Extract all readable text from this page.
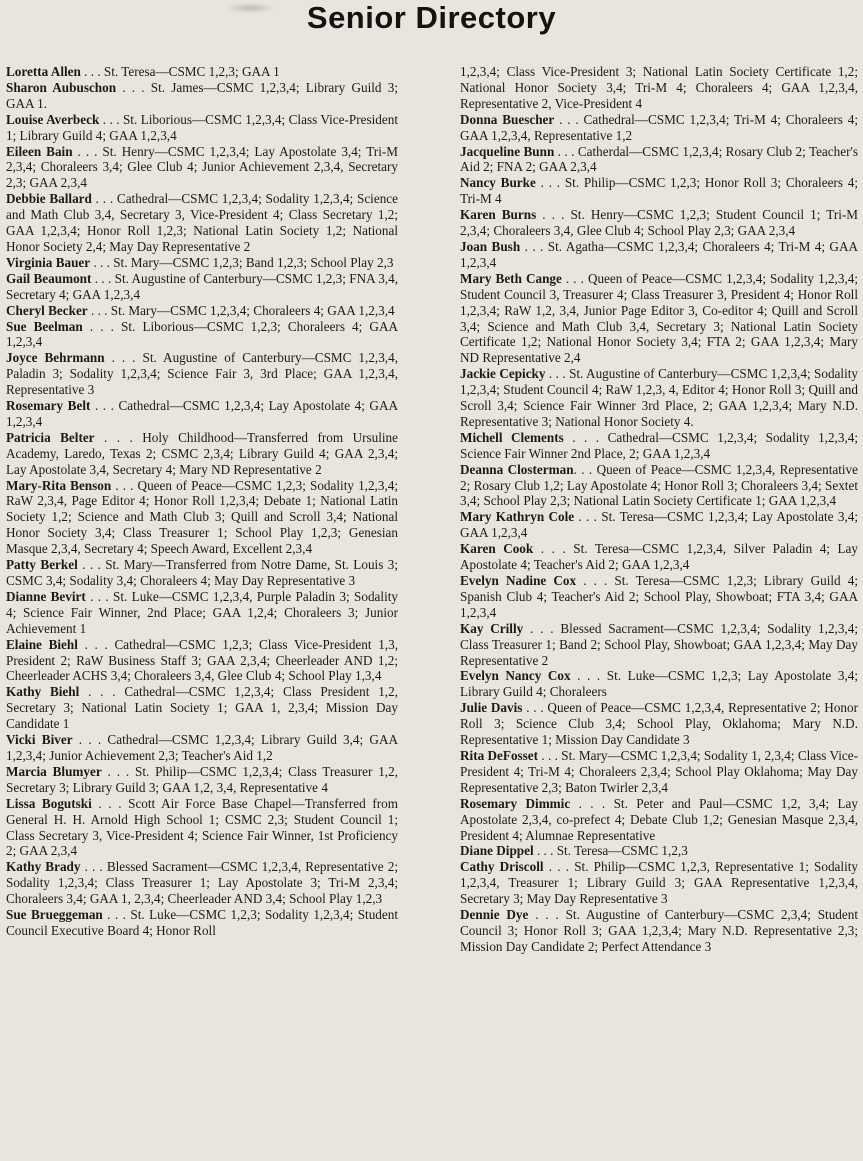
Senior Directory

Loretta Allen . . . St. Teresa—CSMC 1,2,3; GAA 1

Sharon Aubuschon . . . St. James—CSMC 1,2,3,4; Library Guild 3; GAA 1.

Louise Averbeck . . . St. Liborious—CSMC 1,2,3,4; Class Vice-President 1; Library Guild 4; GAA 1,2,3,4

Eileen Bain . . . St. Henry—CSMC 1,2,3,4; Lay Apostolate 3,4; Tri-M 2,3,4; Choraleers 3,4; Glee Club 4; Junior Achievement 2,3,4, Secretary 2,3; GAA 2,3,4

Debbie Ballard . . . Cathedral—CSMC 1,2,3,4; Sodality 1,2,3,4; Science and Math Club 3,4, Secretary 3, Vice-President 4; Class Secretary 1,2; GAA 1,2,3,4; Honor Roll 1,2,3; National Latin Society 1,2; National Honor Society 2,4; May Day Representative 2

Virginia Bauer . . . St. Mary—CSMC 1,2,3; Band 1,2,3; School Play 2,3

Gail Beaumont . . . St. Augustine of Canterbury—CSMC 1,2,3; FNA 3,4, Secretary 4; GAA 1,2,3,4

Cheryl Becker . . . St. Mary—CSMC 1,2,3,4; Choraleers 4; GAA 1,2,3,4

Sue Beelman . . . St. Liborious—CSMC 1,2,3; Choraleers 4; GAA 1,2,3,4

Joyce Behrmann . . . St. Augustine of Canterbury—CSMC 1,2,3,4, Paladin 3; Sodality 1,2,3,4; Science Fair 3, 3rd Place; GAA 1,2,3,4, Representative 3

Rosemary Belt . . . Cathedral—CSMC 1,2,3,4; Lay Apostolate 4; GAA 1,2,3,4

Patricia Belter . . . Holy Childhood—Transferred from Ursuline Academy, Laredo, Texas 2; CSMC 2,3,4; Library Guild 4; GAA 2,3,4; Lay Apostolate 3,4, Secretary 4; Mary ND Representative 2

Mary-Rita Benson . . . Queen of Peace—CSMC 1,2,3; Sodality 1,2,3,4; RaW 2,3,4, Page Editor 4; Honor Roll 1,2,3,4; Debate 1; National Latin Society 1,2; Science and Math Club 3; Quill and Scroll 3,4; National Honor Society 3,4; Class Treasurer 1; School Play 1,2,3; Genesian Masque 2,3,4, Secretary 4; Speech Award, Excellent 2,3,4

Patty Berkel . . . St. Mary—Transferred from Notre Dame, St. Louis 3; CSMC 3,4; Sodality 3,4; Choraleers 4; May Day Representative 3

Dianne Bevirt . . . St. Luke—CSMC 1,2,3,4, Purple Paladin 3; Sodality 4; Science Fair Winner, 2nd Place; GAA 1,2,4; Choraleers 3; Junior Achievement 1

Elaine Biehl . . . Cathedral—CSMC 1,2,3; Class Vice-President 1,3, President 2; RaW Business Staff 3; GAA 2,3,4; Cheerleader AND 1,2; Cheerleader ACHS 3,4; Choraleers 3,4, Glee Club 4; School Play 1,3,4

Kathy Biehl . . . Cathedral—CSMC 1,2,3,4; Class President 1,2, Secretary 3; National Latin Society 1; GAA 1, 2,3,4; Mission Day Candidate 1

Vicki Biver . . . Cathedral—CSMC 1,2,3,4; Library Guild 3,4; GAA 1,2,3,4; Junior Achievement 2,3; Teacher's Aid 1,2

Marcia Blumyer . . . St. Philip—CSMC 1,2,3,4; Class Treasurer 1,2, Secretary 3; Library Guild 3; GAA 1,2, 3,4, Representative 4

Lissa Bogutski . . . Scott Air Force Base Chapel—Transferred from General H. H. Arnold High School 1; CSMC 2,3; Student Council 1; Class Secretary 3, Vice-President 4; Science Fair Winner, 1st Proficiency 2; GAA 2,3,4

Kathy Brady . . . Blessed Sacrament—CSMC 1,2,3,4, Representative 2; Sodality 1,2,3,4; Class Treasurer 1; Lay Apostolate 3; Tri-M 2,3,4; Choraleers 3,4; GAA 1, 2,3,4; Cheerleader AND 3,4; School Play 1,2,3

Sue Brueggeman . . . St. Luke—CSMC 1,2,3; Sodality 1,2,3,4; Student Council Executive Board 4; Honor Roll

1,2,3,4; Class Vice-President 3; National Latin Society Certificate 1,2; National Honor Society 3,4; Tri-M 4; Choraleers 4; GAA 1,2,3,4, Representative 2, Vice-President 4

Donna Buescher . . . Cathedral—CSMC 1,2,3,4; Tri-M 4; Choraleers 4; GAA 1,2,3,4, Representative 1,2

Jacqueline Bunn . . . Catherdal—CSMC 1,2,3,4; Rosary Club 2; Teacher's Aid 2; FNA 2; GAA 2,3,4

Nancy Burke . . . St. Philip—CSMC 1,2,3; Honor Roll 3; Choraleers 4; Tri-M 4

Karen Burns . . . St. Henry—CSMC 1,2,3; Student Council 1; Tri-M 2,3,4; Choraleers 3,4, Glee Club 4; School Play 2,3; GAA 2,3,4

Joan Bush . . . St. Agatha—CSMC 1,2,3,4; Choraleers 4; Tri-M 4; GAA 1,2,3,4

Mary Beth Cange . . . Queen of Peace—CSMC 1,2,3,4; Sodality 1,2,3,4; Student Council 3, Treasurer 4; Class Treasurer 3, President 4; Honor Roll 1,2,3,4; RaW 1,2, 3,4, Junior Page Editor 3, Co-editor 4; Quill and Scroll 3,4; Science and Math Club 3,4, Secretary 3; National Latin Society Certificate 1,2; National Honor Society 3,4; FTA 2; GAA 1,2,3,4; Mary ND Representative 2,4

Jackie Cepicky . . . St. Augustine of Canterbury—CSMC 1,2,3,4; Sodality 1,2,3,4; Student Council 4; RaW 1,2,3, 4, Editor 4; Honor Roll 3; Quill and Scroll 3,4; Science Fair Winner 3rd Place, 2; GAA 1,2,3,4; Mary N.D. Representative 3; National Honor Society 4.

Michell Clements . . . Cathedral—CSMC 1,2,3,4; Sodality 1,2,3,4; Science Fair Winner 2nd Place, 2; GAA 1,2,3,4

Deanna Closterman. . . Queen of Peace—CSMC 1,2,3,4, Representative 2; Rosary Club 1,2; Lay Apostolate 4; Honor Roll 3; Choraleers 3,4; Sextet 3,4; School Play 2,3; National Latin Society Certificate 1; GAA 1,2,3,4

Mary Kathryn Cole . . . St. Teresa—CSMC 1,2,3,4; Lay Apostolate 3,4; GAA 1,2,3,4

Karen Cook . . . St. Teresa—CSMC 1,2,3,4, Silver Paladin 4; Lay Apostolate 4; Teacher's Aid 2; GAA 1,2,3,4

Evelyn Nadine Cox . . . St. Teresa—CSMC 1,2,3; Library Guild 4; Spanish Club 4; Teacher's Aid 2; School Play, Showboat; FTA 3,4; GAA 1,2,3,4

Kay Crilly . . . Blessed Sacrament—CSMC 1,2,3,4; Sodality 1,2,3,4; Class Treasurer 1; Band 2; School Play, Showboat; GAA 1,2,3,4; May Day Representative 2

Evelyn Nancy Cox . . . St. Luke—CSMC 1,2,3; Lay Apostolate 3,4; Library Guild 4; Choraleers

Julie Davis . . . Queen of Peace—CSMC 1,2,3,4, Representative 2; Honor Roll 3; Science Club 3,4; School Play, Oklahoma; Mary N.D. Representative 1; Mission Day Candidate 3

Rita DeFosset . . . St. Mary—CSMC 1,2,3,4; Sodality 1, 2,3,4; Class Vice-President 4; Tri-M 4; Choraleers 2,3,4; School Play Oklahoma; May Day Representative 2,3; Baton Twirler 2,3,4

Rosemary Dimmic . . . St. Peter and Paul—CSMC 1,2, 3,4; Lay Apostolate 2,3,4, co-prefect 4; Debate Club 1,2; Genesian Masque 2,3,4, President 4; Alumnae Representative

Diane Dippel . . . St. Teresa—CSMC 1,2,3

Cathy Driscoll . . . St. Philip—CSMC 1,2,3, Representative 1; Sodality 1,2,3,4, Treasurer 1; Library Guild 3; GAA Representative 1,2,3,4, Secretary 3; May Day Representative 3

Dennie Dye . . . St. Augustine of Canterbury—CSMC 2,3,4; Student Council 3; Honor Roll 3; GAA 1,2,3,4; Mary N.D. Representative 2,3; Mission Day Candidate 2; Perfect Attendance 3
